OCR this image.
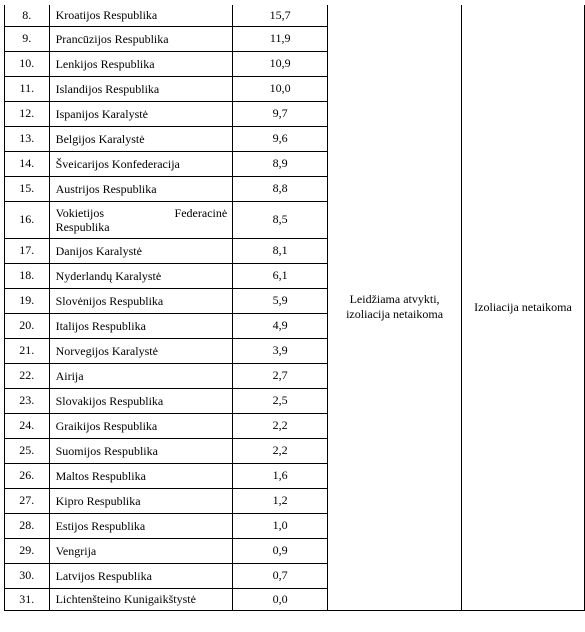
8.	Kroatijos Respublika	15,7	Leidžiama atvykti,
izoliacija netaikoma	Izoliacija netaikoma
9.	Prancūzijos Respublika	11,9		
10.	Lenkijos Respublika	10,9		
11.	Islandijos Respublika	10,0		
12.	Ispanijos Karalystė	9,7		
13.	Belgijos Karalystė	9,6		
14.	Šveicarijos Konfederacija	8,9		
15.	Austrijos Respublika	8,8		
16.	Vokietijos Federacinė
Respublika	8,5		
17.	Danijos Karalystė	8,1		
18.	Nyderlandų Karalystė	6,1		
19.	Slovėnijos Respublika	5,9		
20.	Italijos Respublika	4,9		
21.	Norvegijos Karalystė	3,9		
22.	Airija	2,7		
23.	Slovakijos Respublika	2,5		
24.	Graikijos Respublika	2,2		
25.	Suomijos Respublika	2,2		
26.	Maltos Respublika	1,6		
27.	Kipro Respublika	1,2		
28.	Estijos Respublika	1,0		
29.	Vengrija	0,9		
30.	Latvijos Respublika	0,7		
31.	Lichtenšteino Kunigaikštystė	0,0		
